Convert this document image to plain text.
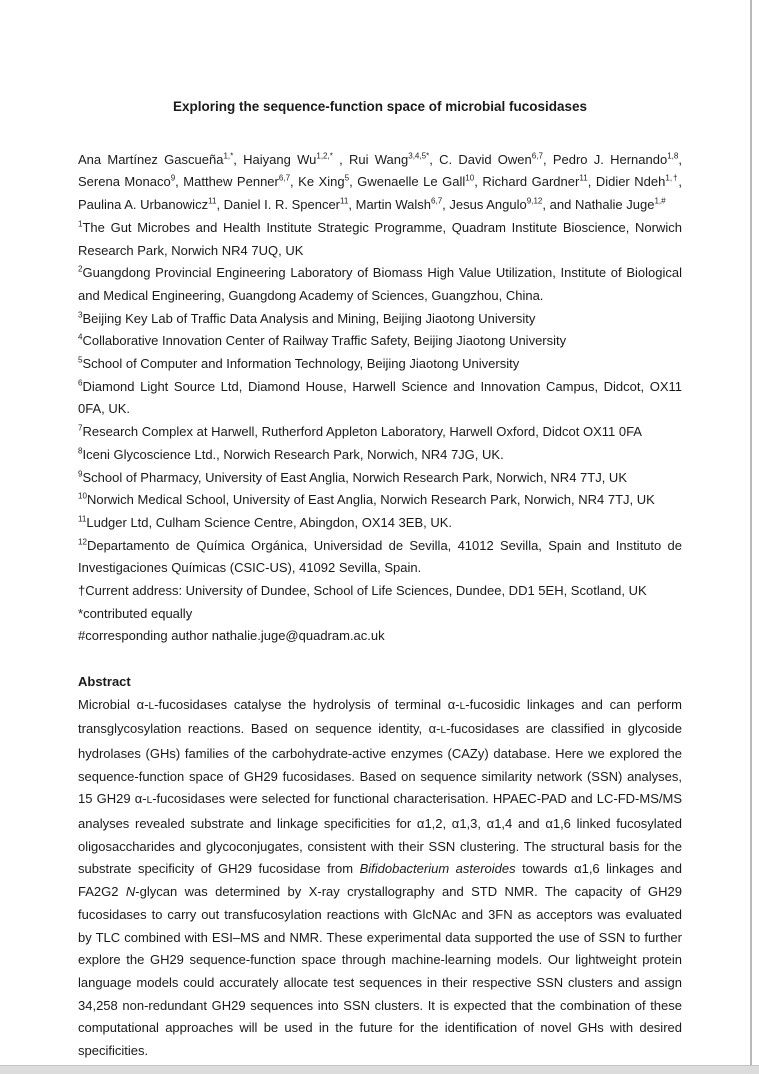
Exploring the sequence-function space of microbial fucosidases

Ana Martínez Gascueña$^{1,*}$, Haiyang $Wu^{1,2,*}$ , Rui Wang$^{3,4,5*}$, C. David Owen$^{6,7}$, Pedro J. Hernando$^{1,8}$, Serena Monaco$^9$, Matthew Penner$^{6,7}$, Ke Xing$^5$, Gwenaelle Le Gall$^{10}$, Richard Gardner$^{11}$, Didier Ndeh$^{1,\dagger}$, Paulina A. Urbanowicz$^{11}$, Daniel I. R. Spencer$^{11}$, Martin Walsh$^{6,7}$, Jesus Angulo$^{9,12}$, and Nathalie Juge$^{1,\#}$

$^1$The Gut Microbes and Health Institute Strategic Programme, Quadram Institute Bioscience, Norwich Research Park, Norwich NR4 7UQ, UK
$^2$Guangdong Provincial Engineering Laboratory of Biomass High Value Utilization, Institute of Biological and Medical Engineering, Guangdong Academy of Sciences, Guangzhou, China.
$^3$Beijing Key Lab of Traffic Data Analysis and Mining, Beijing Jiaotong University
$^4$Collaborative Innovation Center of Railway Traffic Safety, Beijing Jiaotong University
$^5$School of Computer and Information Technology, Beijing Jiaotong University
$^6$Diamond Light Source Ltd, Diamond House, Harwell Science and Innovation Campus, Didcot, OX11 0FA, UK.
$^7$Research Complex at Harwell, Rutherford Appleton Laboratory, Harwell Oxford, Didcot OX11 0FA
$^8$Iceni Glycoscience Ltd., Norwich Research Park, Norwich, NR4 7JG, UK.
$^9$School of Pharmacy, University of East Anglia, Norwich Research Park, Norwich, NR4 7TJ, UK
$^{10}$Norwich Medical School, University of East Anglia, Norwich Research Park, Norwich, NR4 7TJ, UK
$^{11}$Ludger Ltd, Culham Science Centre, Abingdon, OX14 3EB, UK.
$^{12}$Departamento de Química Orgánica, Universidad de Sevilla, 41012 Sevilla, Spain and Instituto de Investigaciones Químicas (CSIC-US), 41092 Sevilla, Spain.
†Current address: University of Dundee, School of Life Sciences, Dundee, DD1 5EH, Scotland, UK
*contributed equally
#corresponding author nathalie.juge@quadram.ac.uk

Abstract

Microbial α-L-fucosidases catalyse the hydrolysis of terminal α-L-fucosidic linkages and can perform transglycosylation reactions. Based on sequence identity, α-L-fucosidases are classified in glycoside hydrolases (GHs) families of the carbohydrate-active enzymes (CAZy) database. Here we explored the sequence-function space of GH29 fucosidases. Based on sequence similarity network (SSN) analyses, 15 GH29 α-L-fucosidases were selected for functional characterisation. HPAEC-PAD and LC-FD-MS/MS analyses revealed substrate and linkage specificities for α1,2, α1,3, α1,4 and α1,6 linked fucosylated oligosaccharides and glycoconjugates, consistent with their SSN clustering. The structural basis for the substrate specificity of GH29 fucosidase from Bifidobacterium asteroides towards α1,6 linkages and FA2G2 N-glycan was determined by X-ray crystallography and STD NMR. The capacity of GH29 fucosidases to carry out transfucosylation reactions with GlcNAc and 3FN as acceptors was evaluated by TLC combined with ESI–MS and NMR. These experimental data supported the use of SSN to further explore the GH29 sequence-function space through machine-learning models. Our lightweight protein language models could accurately allocate test sequences in their respective SSN clusters and assign 34,258 non-redundant GH29 sequences into SSN clusters. It is expected that the combination of these computational approaches will be used in the future for the identification of novel GHs with desired specificities.
